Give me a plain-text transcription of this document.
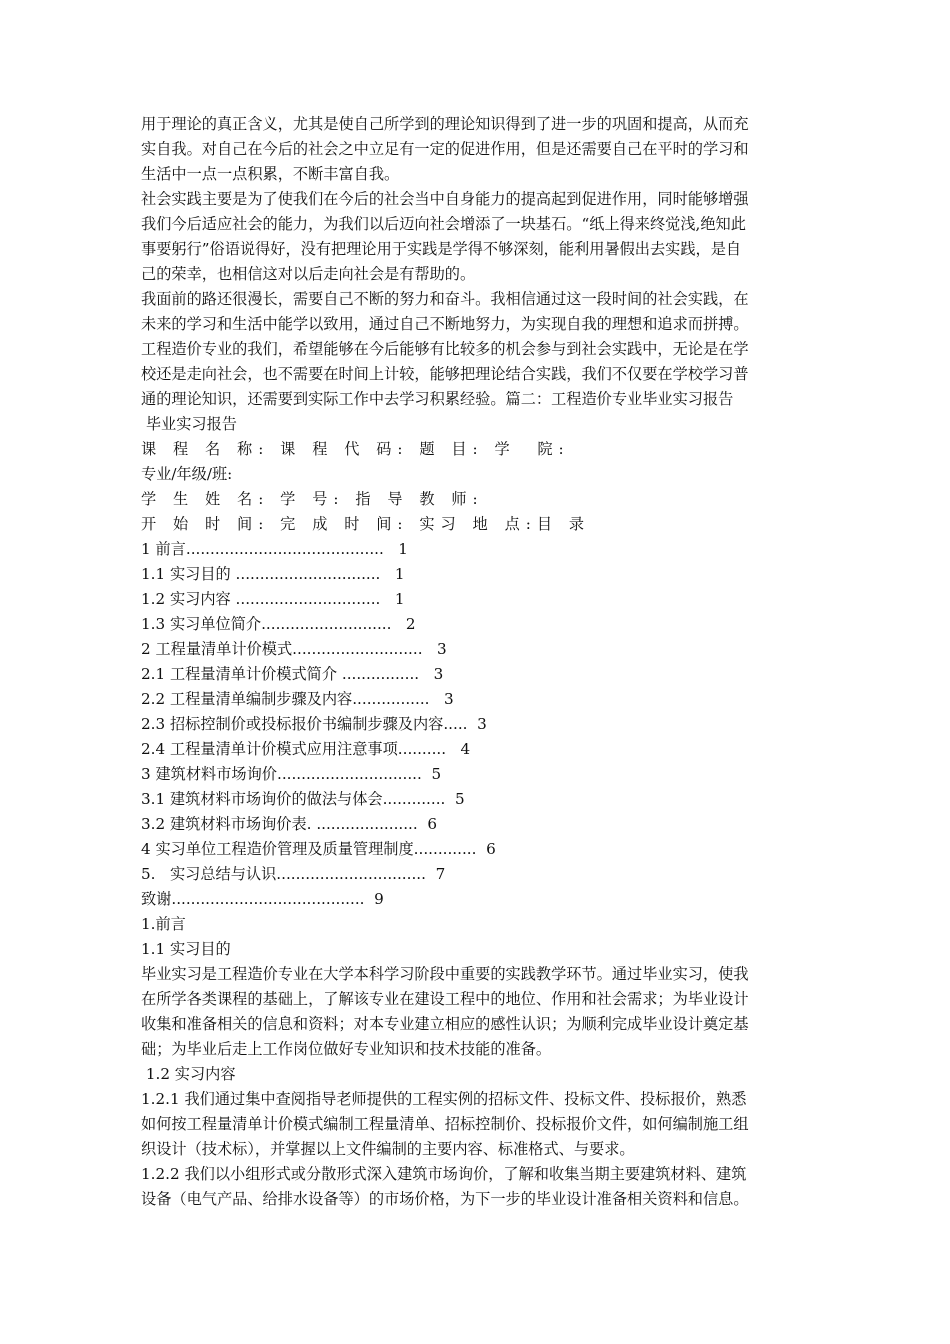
用于理论的真正含义，尤其是使自己所学到的理论知识得到了进一步的巩固和提高，从而充

实自我。对自己在今后的社会之中立足有一定的促进作用，但是还需要自己在平时的学习和

生活中一点一点积累，不断丰富自我。

社会实践主要是为了使我们在今后的社会当中自身能力的提高起到促进作用，同时能够增强

我们今后适应社会的能力，为我们以后迈向社会增添了一块基石。“纸上得来终觉浅,绝知此

事要躬行”俗语说得好，没有把理论用于实践是学得不够深刻，能利用暑假出去实践，是自

己的荣幸，也相信这对以后走向社会是有帮助的。

我面前的路还很漫长，需要自己不断的努力和奋斗。我相信通过这一段时间的社会实践，在

未来的学习和生活中能学以致用，通过自己不断地努力，为实现自我的理想和追求而拼搏。

工程造价专业的我们，希望能够在今后能够有比较多的机会参与到社会实践中，无论是在学

校还是走向社会，也不需要在时间上计较，能够把理论结合实践，我们不仅要在学校学习普

通的理论知识，还需要到实际工作中去学习积累经验。篇二：工程造价专业毕业实习报告

毕业实习报告

课 程 名 称: 课 程 代 码: 题 目: 学  院:

专业/年级/班:

学 生 姓 名: 学 号: 指 导 教 师:

开 始 时 间: 完 成 时 间: 实习 地 点:目 录

1 前言.........................................   1

1.1 实习目的 ..............................   1

1.2 实习内容 ..............................   1

1.3 实习单位简介...........................   2

2 工程量清单计价模式...........................   3

2.1 工程量清单计价模式简介 ................   3

2.2 工程量清单编制步骤及内容................   3

2.3 招标控制价或投标报价书编制步骤及内容.....  3

2.4 工程量清单计价模式应用注意事项..........   4

3 建筑材料市场询价..............................  5

3.1 建筑材料市场询价的做法与体会.............  5

3.2 建筑材料市场询价表. .....................  6

4 实习单位工程造价管理及质量管理制度.............  6

5.   实习总结与认识...............................  7

致谢........................................  9

1.前言

1.1 实习目的

毕业实习是工程造价专业在大学本科学习阶段中重要的实践教学环节。通过毕业实习，使我

在所学各类课程的基础上，了解该专业在建设工程中的地位、作用和社会需求；为毕业设计

收集和准备相关的信息和资料；对本专业建立相应的感性认识；为顺利完成毕业设计奠定基

础；为毕业后走上工作岗位做好专业知识和技术技能的准备。

1.2 实习内容

1.2.1 我们通过集中查阅指导老师提供的工程实例的招标文件、投标文件、投标报价，熟悉

如何按工程量清单计价模式编制工程量清单、招标控制价、投标报价文件，如何编制施工组

织设计（技术标），并掌握以上文件编制的主要内容、标准格式、与要求。

1.2.2 我们以小组形式或分散形式深入建筑市场询价，了解和收集当期主要建筑材料、建筑

设备（电气产品、给排水设备等）的市场价格，为下一步的毕业设计准备相关资料和信息。
